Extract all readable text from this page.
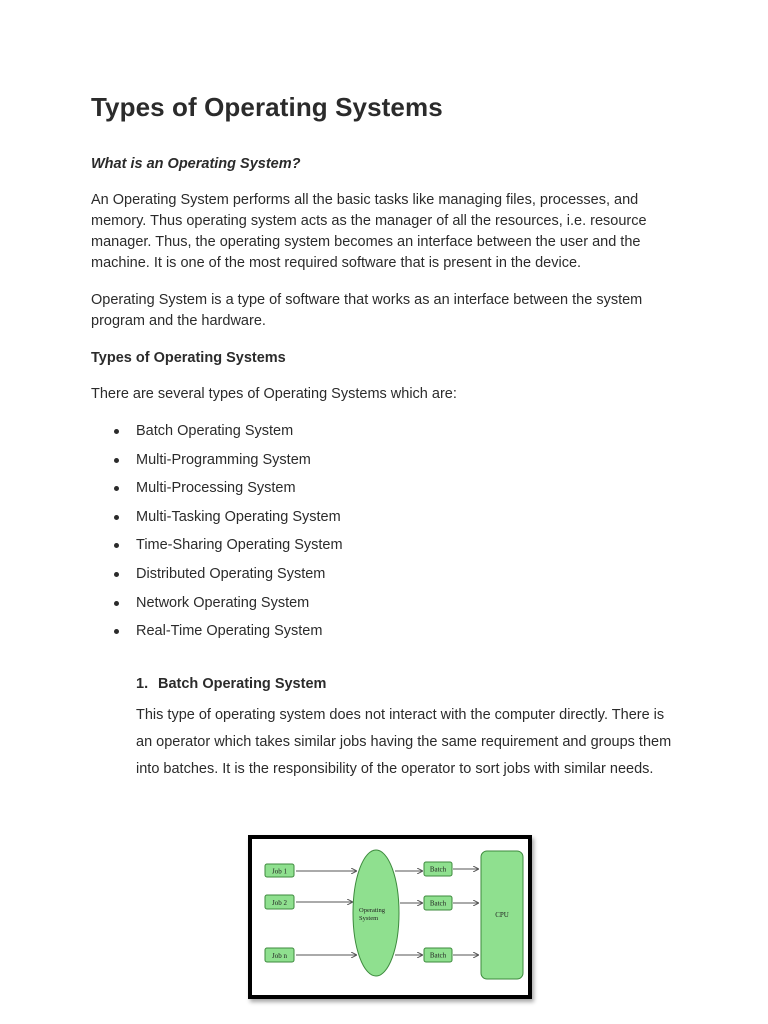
Types of Operating Systems

What is an Operating System?

An Operating System performs all the basic tasks like managing files, processes, and memory. Thus operating system acts as the manager of all the resources, i.e. resource manager. Thus, the operating system becomes an interface between the user and the machine. It is one of the most required software that is present in the device.

Operating System is a type of software that works as an interface between the system program and the hardware.

Types of Operating Systems

There are several types of Operating Systems which are:

Batch Operating System
Multi-Programming System
Multi-Processing System
Multi-Tasking Operating System
Time-Sharing Operating System
Distributed Operating System
Network Operating System
Real-Time Operating System

1. Batch Operating System

This type of operating system does not interact with the computer directly. There is an operator which takes similar jobs having the same requirement and groups them into batches. It is the responsibility of the operator to sort jobs with similar needs.

Job 1
Job 2
Job n
Operating
System
Batch
Batch
Batch
CPU
